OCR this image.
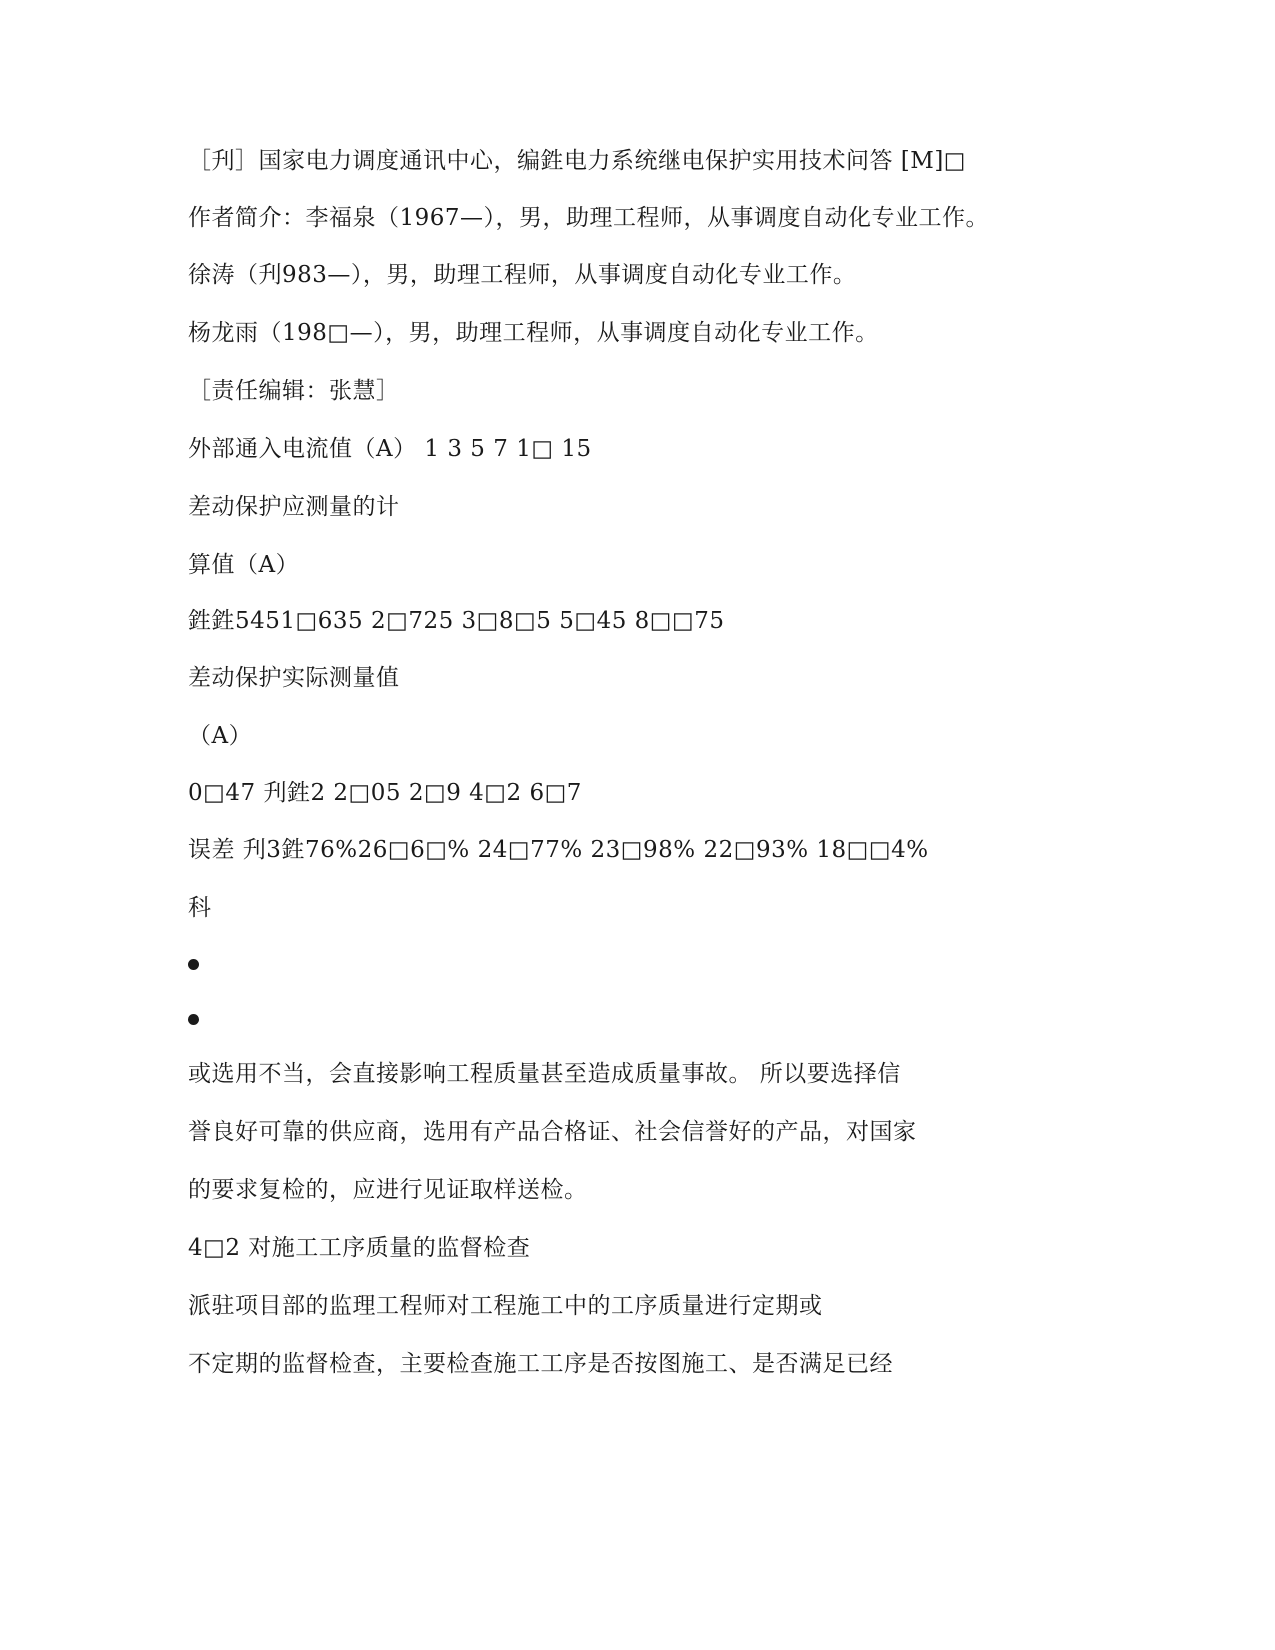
［刋］国家电力调度通讯中心，编鉎电力系统继电保护实用技术问答 [M]□
作者简介：李福泉（1967—），男，助理工程师，从事调度自动化专业工作。
徐涛（刋983—），男，助理工程师，从事调度自动化专业工作。
杨龙雨（198□—），男，助理工程师，从事调度自动化专业工作。
［责任编辑：张慧］
外部通入电流值（A） 1 3 5 7 1□ 15
差动保护应测量的计
算值（A）
鉎鉎5451□635 2□725 3□8□5 5□45 8□□75
差动保护实际测量值
（A）
0□47 刋鉎2 2□05 2□9 4□2 6□7
误差 刋3鉎76%26□6□% 24□77% 23□98% 22□93% 18□□4%
科
或选用不当，会直接影响工程质量甚至造成质量事故。 所以要选择信
誉良好可靠的供应商，选用有产品合格证、社会信誉好的产品，对国家
的要求复检的，应进行见证取样送检。
4□2 对施工工序质量的监督检查
派驻项目部的监理工程师对工程施工中的工序质量进行定期或
不定期的监督检查，主要检查施工工序是否按图施工、是否满足已经
